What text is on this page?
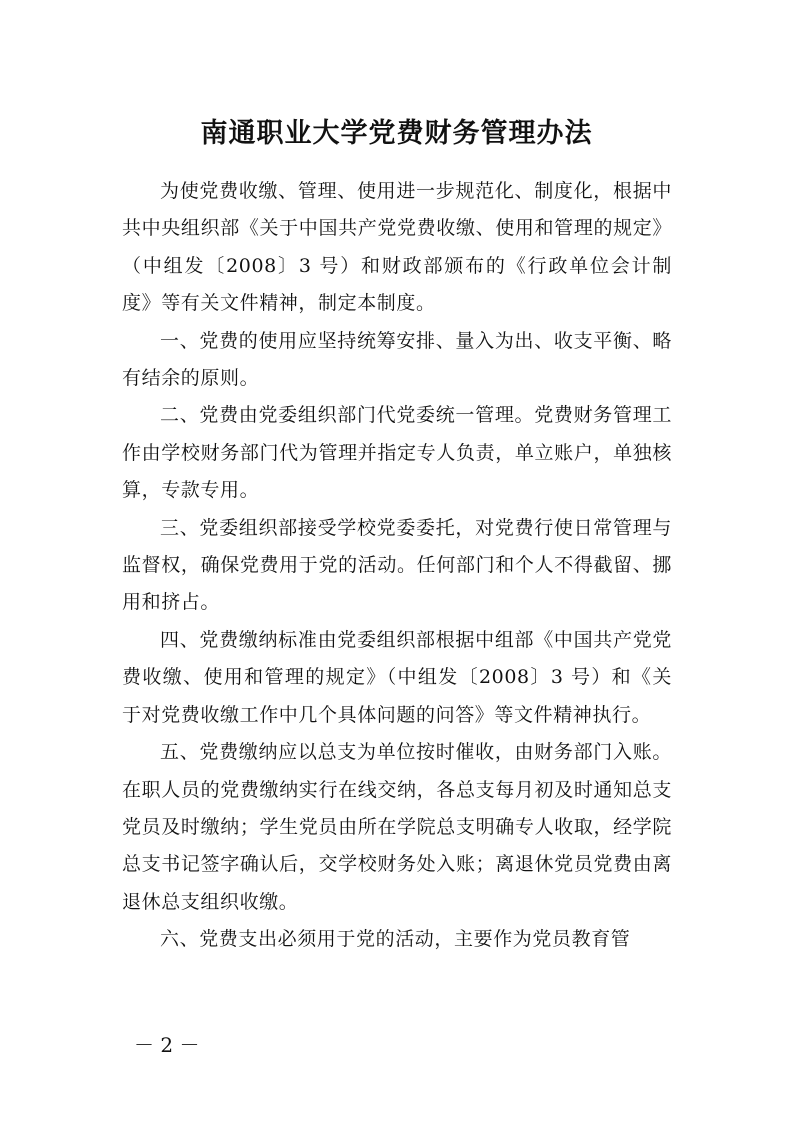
南通职业大学党费财务管理办法

为使党费收缴、管理、使用进一步规范化、制度化，根据中共中央组织部《关于中国共产党党费收缴、使用和管理的规定》（中组发〔2008〕3 号）和财政部颁布的《行政单位会计制度》等有关文件精神，制定本制度。

一、党费的使用应坚持统筹安排、量入为出、收支平衡、略有结余的原则。

二、党费由党委组织部门代党委统一管理。党费财务管理工作由学校财务部门代为管理并指定专人负责，单立账户，单独核算，专款专用。

三、党委组织部接受学校党委委托，对党费行使日常管理与监督权，确保党费用于党的活动。任何部门和个人不得截留、挪用和挤占。

四、党费缴纳标准由党委组织部根据中组部《中国共产党党费收缴、使用和管理的规定》（中组发〔2008〕3 号）和《关于对党费收缴工作中几个具体问题的问答》等文件精神执行。

五、党费缴纳应以总支为单位按时催收，由财务部门入账。在职人员的党费缴纳实行在线交纳，各总支每月初及时通知总支党员及时缴纳；学生党员由所在学院总支明确专人收取，经学院总支书记签字确认后，交学校财务处入账；离退休党员党费由离退休总支组织收缴。

六、党费支出必须用于党的活动，主要作为党员教育管

－ 2 －
